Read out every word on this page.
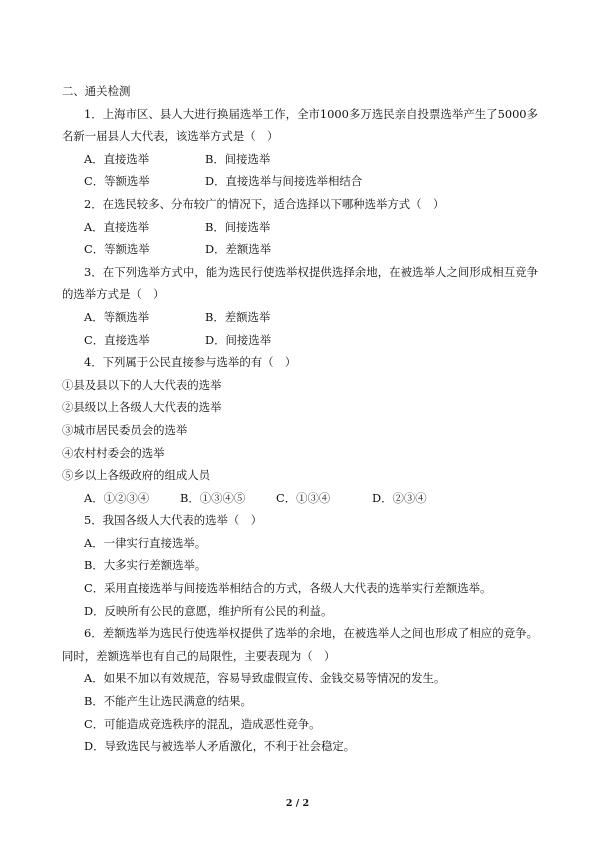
二、通关检测
1．上海市区、县人大进行换届选举工作，全市1000多万选民亲自投票选举产生了5000多名新一届县人大代表，该选举方式是（　）
A．直接选举	B．间接选举
C．等额选举	D．直接选举与间接选举相结合
2．在选民较多、分布较广的情况下，适合选择以下哪种选举方式（　）
A．直接选举	B．间接选举
C．等额选举	D．差额选举
3．在下列选举方式中，能为选民行使选举权提供选择余地，在被选举人之间形成相互竞争的选举方式是（　）
A．等额选举	B．差额选举
C．直接选举	D．间接选举
4．下列属于公民直接参与选举的有（　）
①县及县以下的人大代表的选举
②县级以上各级人大代表的选举
③城市居民委员会的选举
④农村村委会的选举
⑤乡以上各级政府的组成人员
A．①②③④	B．①③④⑤	C．①③④	D．②③④
5．我国各级人大代表的选举（　）
A．一律实行直接选举。
B．大多实行差额选举。
C．采用直接选举与间接选举相结合的方式，各级人大代表的选举实行差额选举。
D．反映所有公民的意愿，维护所有公民的利益。
6．差额选举为选民行使选举权提供了选举的余地，在被选举人之间也形成了相应的竞争。同时，差额选举也有自己的局限性，主要表现为（　）
A．如果不加以有效规范，容易导致虚假宣传、金钱交易等情况的发生。
B．不能产生让选民满意的结果。
C．可能造成竞选秩序的混乱，造成恶性竞争。
D．导致选民与被选举人矛盾激化，不利于社会稳定。
2 / 2
